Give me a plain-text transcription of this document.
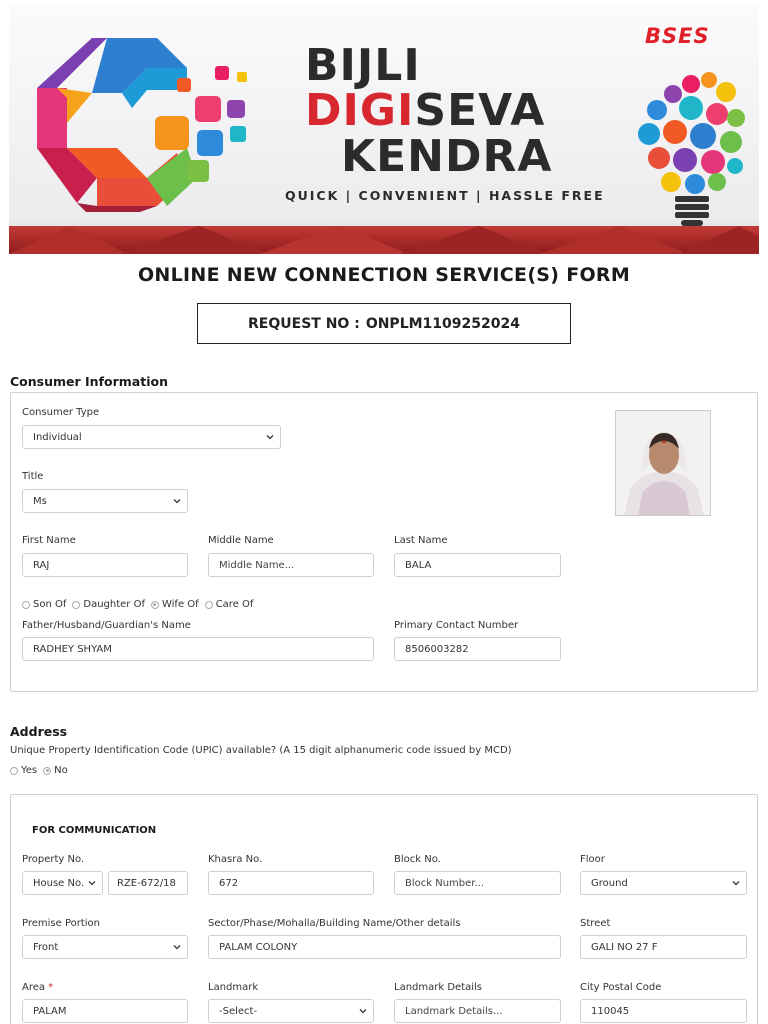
BIJLI
DIGISEVA
KENDRA
QUICK | CONVENIENT | HASSLE FREE
BSES
ONLINE NEW CONNECTION SERVICE(S) FORM
REQUEST NO : ONPLM1109252024
Consumer Information
Consumer Type
Individual
Title
Ms
First Name
RAJ
Middle Name
Middle Name...
Last Name
BALA
Son Of Daughter Of Wife Of Care Of
Father/Husband/Guardian's Name
RADHEY SHYAM
Primary Contact Number
8506003282
Address
Unique Property Identification Code (UPIC) available? (A 15 digit alphanumeric code issued by MCD)
Yes No
FOR COMMUNICATION
Property No.
House No.	RZE-672/18
Khasra No.
672
Block No.
Block Number...
Floor
Ground
Premise Portion
Front
Sector/Phase/Mohalla/Building Name/Other details
PALAM COLONY
Street
GALI NO 27 F
Area *
PALAM
Landmark
-Select-
Landmark Details
Landmark Details...
City Postal Code
110045
